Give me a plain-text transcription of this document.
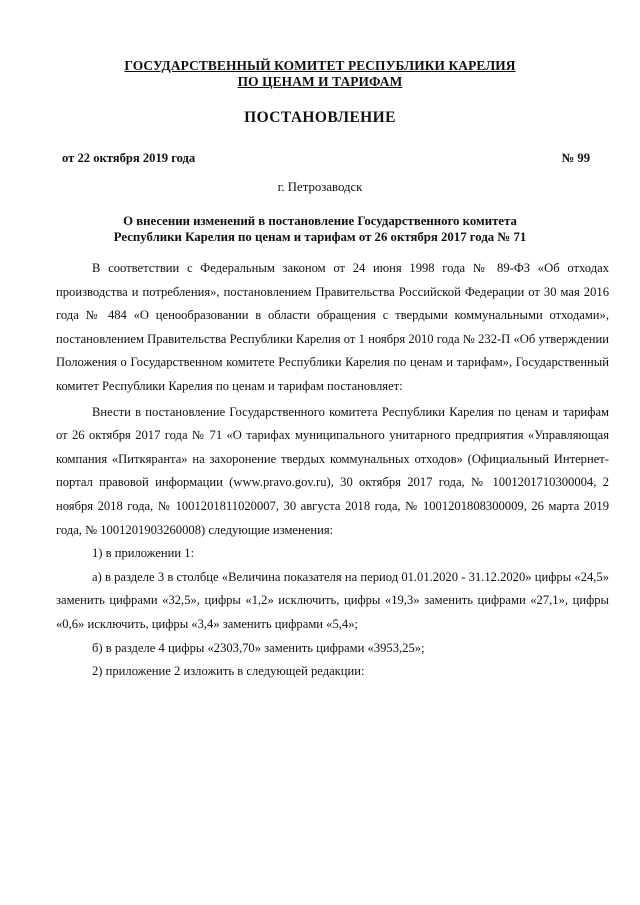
ГОСУДАРСТВЕННЫЙ КОМИТЕТ РЕСПУБЛИКИ КАРЕЛИЯ
ПО ЦЕНАМ И ТАРИФАМ
ПОСТАНОВЛЕНИЕ
от 22 октября 2019 года	№ 99
г. Петрозаводск
О внесении изменений в постановление Государственного комитета
Республики Карелия по ценам и тарифам от 26 октября 2017 года № 71

В соответствии с Федеральным законом от 24 июня 1998 года № 89-ФЗ «Об отходах производства и потребления», постановлением Правительства Российской Федерации от 30 мая 2016 года № 484 «О ценообразовании в области обращения с твердыми коммунальными отходами», постановлением Правительства Республики Карелия от 1 ноября 2010 года № 232-П «Об утверждении Положения о Государственном комитете Республики Карелия по ценам и тарифам», Государственный комитет Республики Карелия по ценам и тарифам постановляет:

Внести в постановление Государственного комитета Республики Карелия по ценам и тарифам от 26 октября 2017 года № 71 «О тарифах муниципального унитарного предприятия «Управляющая компания «Питкяранта» на захоронение твердых коммунальных отходов» (Официальный Интернет-портал правовой информации (www.pravo.gov.ru), 30 октября 2017 года, № 1001201710300004, 2 ноября 2018 года, № 1001201811020007, 30 августа 2018 года, № 1001201808300009, 26 марта 2019 года, № 1001201903260008) следующие изменения:

1) в приложении 1:

а) в разделе 3 в столбце «Величина показателя на период 01.01.2020 - 31.12.2020» цифры «24,5» заменить цифрами «32,5», цифры «1,2» исключить, цифры «19,3» заменить цифрами «27,1», цифры «0,6» исключить, цифры «3,4» заменить цифрами «5,4»;

б) в разделе 4 цифры «2303,70» заменить цифрами «3953,25»;

2) приложение 2 изложить в следующей редакции:
